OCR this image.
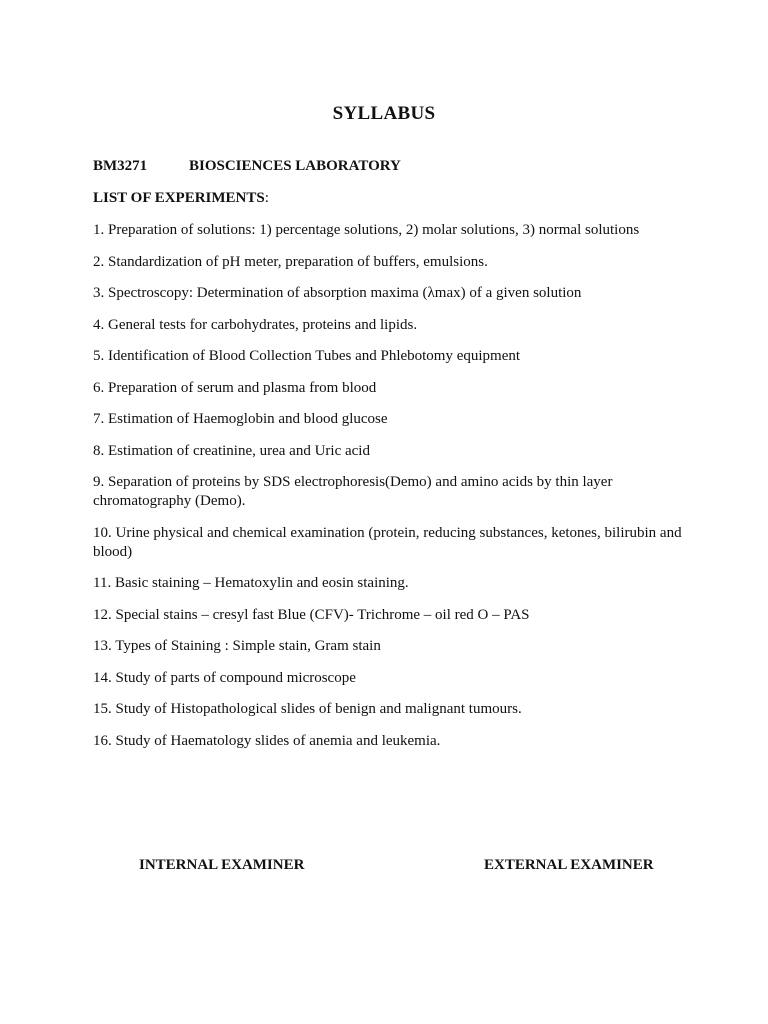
SYLLABUS
BM3271	BIOSCIENCES LABORATORY
LIST OF EXPERIMENTS:

1. Preparation of solutions: 1) percentage solutions, 2) molar solutions, 3) normal solutions

2. Standardization of pH meter, preparation of buffers, emulsions.

3. Spectroscopy: Determination of absorption maxima (λmax) of a given solution

4. General tests for carbohydrates, proteins and lipids.

5. Identification of Blood Collection Tubes and Phlebotomy equipment

6. Preparation of serum and plasma from blood

7. Estimation of Haemoglobin and blood glucose

8. Estimation of creatinine, urea and Uric acid

9. Separation of proteins by SDS electrophoresis(Demo) and amino acids by thin layer chromatography (Demo).

10. Urine physical and chemical examination (protein, reducing substances, ketones, bilirubin and blood)

11. Basic staining – Hematoxylin and eosin staining.

12. Special stains – cresyl fast Blue (CFV)- Trichrome – oil red O – PAS

13. Types of Staining : Simple stain, Gram stain

14. Study of parts of compound microscope

15. Study of Histopathological slides of benign and malignant tumours.

16. Study of Haematology slides of anemia and leukemia.

INTERNAL EXAMINER	EXTERNAL EXAMINER
